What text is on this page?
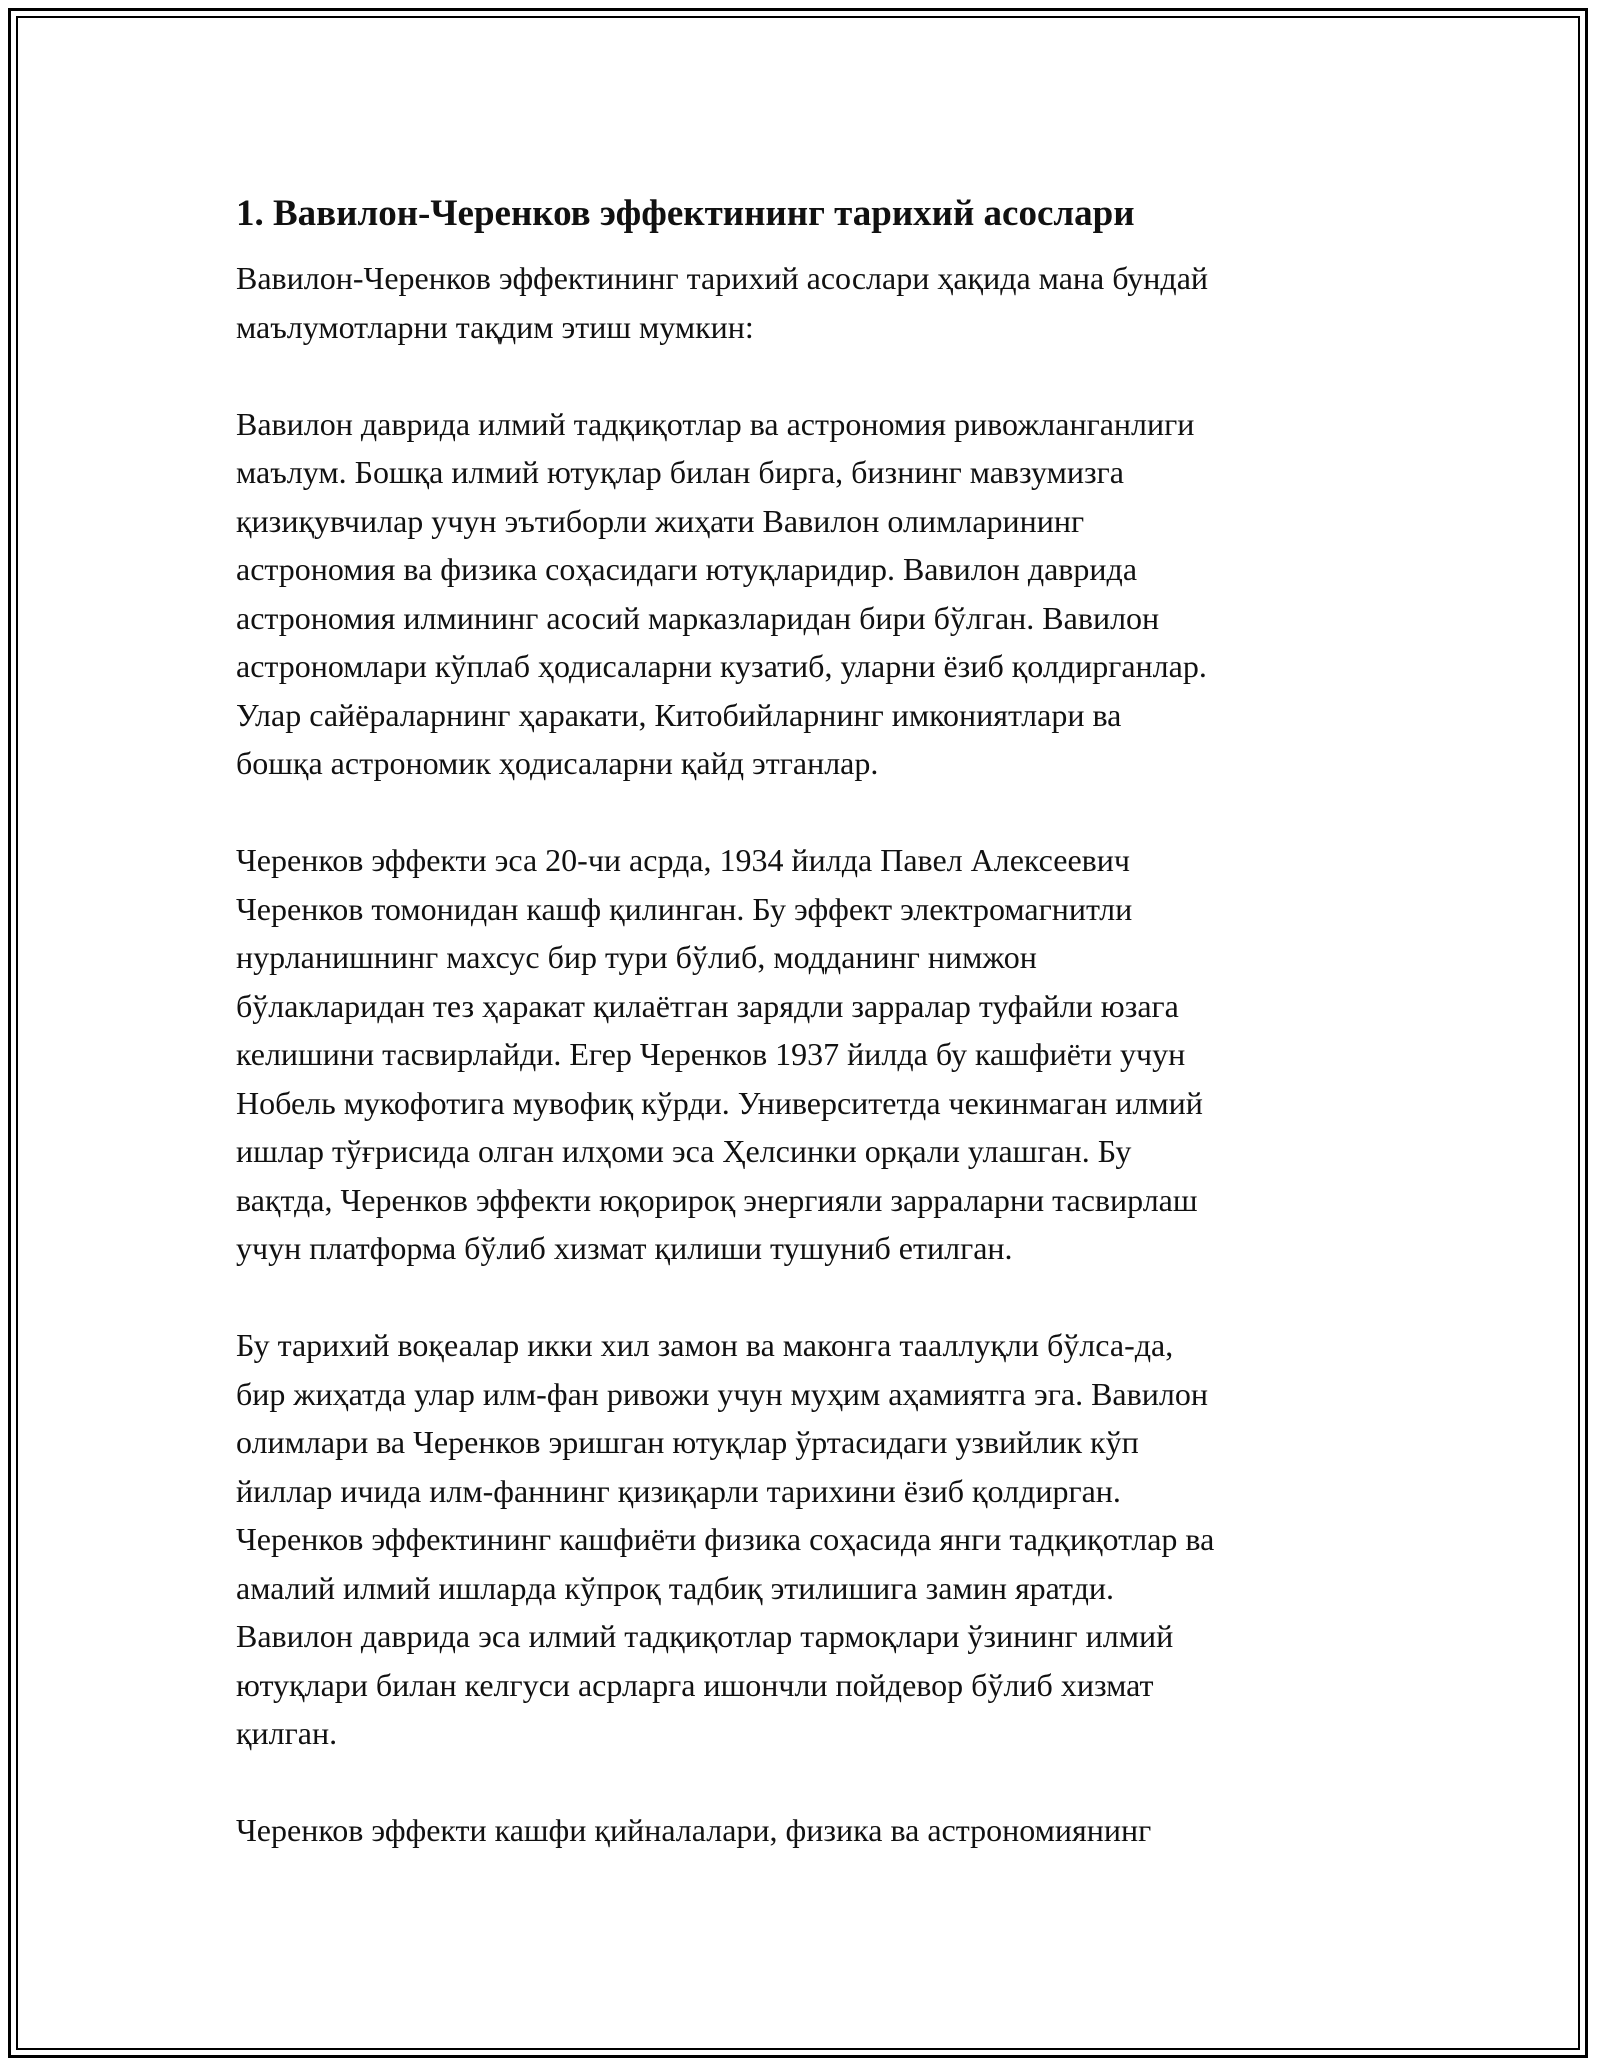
1. Вавилон-Черенков эффектининг тарихий асослари

Вавилон-Черенков эффектининг тарихий асослари ҳақида мана бундай
маълумотларни тақдим этиш мумкин:

Вавилон даврида илмий тадқиқотлар ва астрономия ривожланганлиги
маълум. Бошқа илмий ютуқлар билан бирга, бизнинг мавзумизга
қизиқувчилар учун эътиборли жиҳати Вавилон олимларининг
астрономия ва физика соҳасидаги ютуқларидир. Вавилон даврида
астрономия илмининг асосий марказларидан бири бўлган. Вавилон
астрономлари кўплаб ҳодисаларни кузатиб, уларни ёзиб қолдирганлар.
Улар сайёраларнинг ҳаракати, Китобийларнинг имкониятлари ва
бошқа астрономик ҳодисаларни қайд этганлар.

Черенков эффекти эса 20-чи асрда, 1934 йилда Павел Алексеевич
Черенков томонидан кашф қилинган. Бу эффект электромагнитли
нурланишнинг махсус бир тури бўлиб, модданинг нимжон
бўлакларидан тез ҳаракат қилаётган зарядли зарралар туфайли юзага
келишини тасвирлайди. Егер Черенков 1937 йилда бу кашфиёти учун
Нобель мукофотига мувофиқ кўрди. Университетда чекинмаган илмий
ишлар тўғрисида олган илҳоми эса Ҳелсинки орқали улашган. Бу
вақтда, Черенков эффекти юқорироқ энергияли зарраларни тасвирлаш
учун платформа бўлиб хизмат қилиши тушуниб етилган.

Бу тарихий воқеалар икки хил замон ва маконга тааллуқли бўлса-да,
бир жиҳатда улар илм-фан ривожи учун муҳим аҳамиятга эга. Вавилон
олимлари ва Черенков эришган ютуқлар ўртасидаги узвийлик кўп
йиллар ичида илм-фаннинг қизиқарли тарихини ёзиб қолдирган.
Черенков эффектининг кашфиёти физика соҳасида янги тадқиқотлар ва
амалий илмий ишларда кўпроқ тадбиқ этилишига замин яратди.
Вавилон даврида эса илмий тадқиқотлар тармоқлари ўзининг илмий
ютуқлари билан келгуси асрларга ишончли пойдевор бўлиб хизмат
қилган.

Черенков эффекти кашфи қийналалари, физика ва астрономиянинг
